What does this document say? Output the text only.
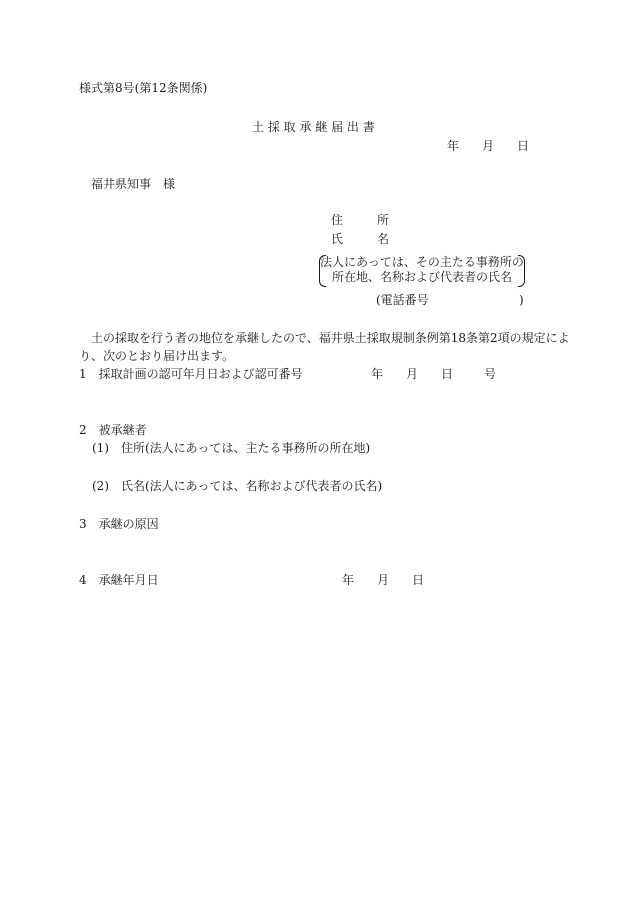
様式第8号(第12条関係)
土 採 取 承 継 届 出 書
年 月 日
福井県知事　様
住	所
氏	名
法人にあっては、その主たる事務所の
所在地、名称および代表者の氏名
(電話番号	)
土の採取を行う者の地位を承継したので、福井県土採取規制条例第18条第2項の規定によ
り、次のとおり届け出ます。
1　採取計画の認可年月日および認可番号	年 月 日	号
2　被承継者
(1)　住所(法人にあっては、主たる事務所の所在地)
(2)　氏名(法人にあっては、名称および代表者の氏名)
3　承継の原因
4　承継年月日	年 月 日
